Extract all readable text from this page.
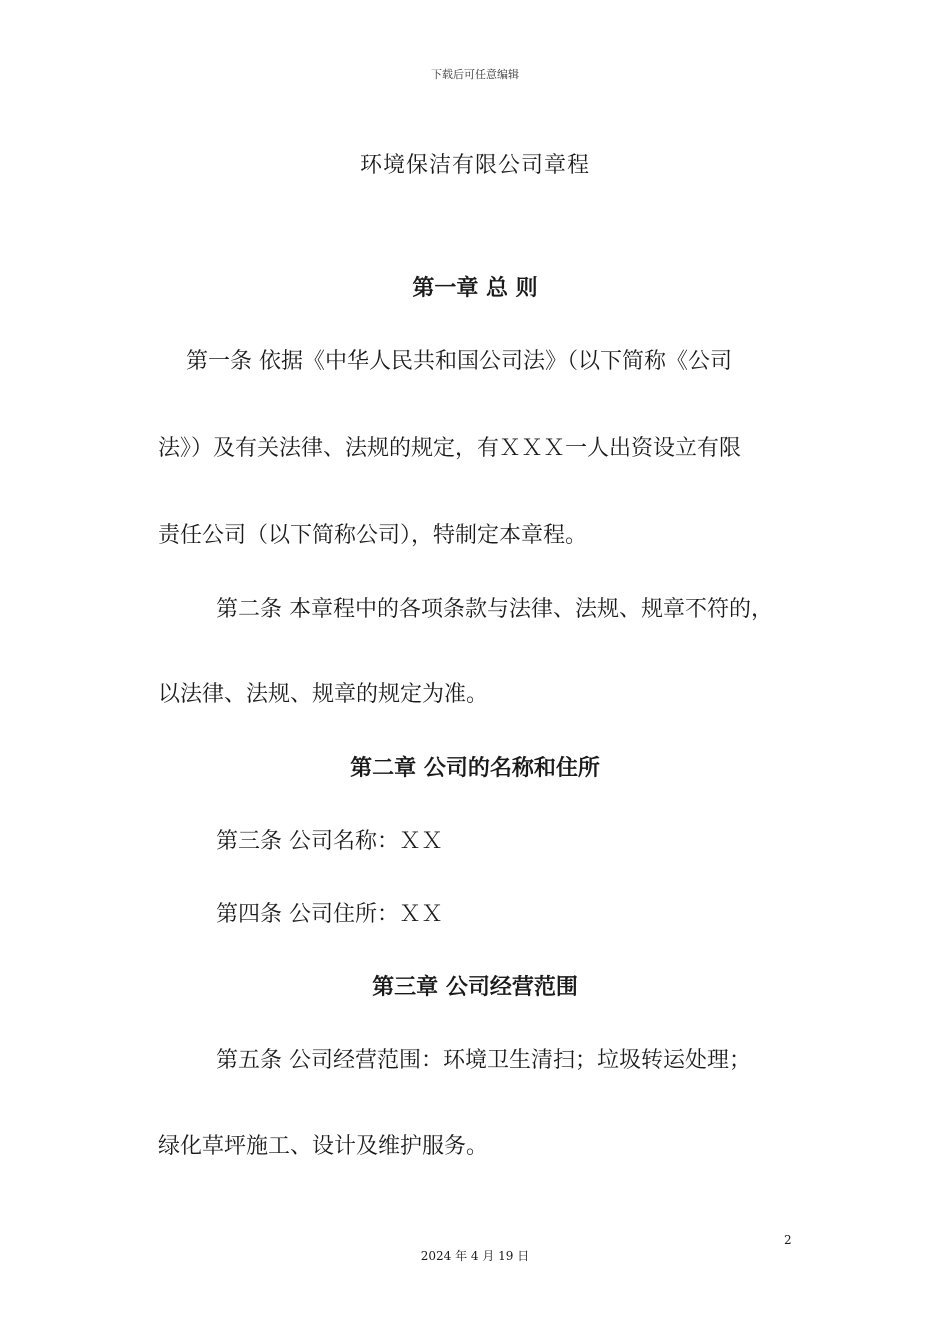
下载后可任意编辑
环境保洁有限公司章程
第一章 总 则
第一条 依据《中华人民共和国公司法》（以下简称《公司
法》）及有关法律、法规的规定，有ＸＸＸ一人出资设立有限
责任公司（以下简称公司），特制定本章程。
第二条 本章程中的各项条款与法律、法规、规章不符的，
以法律、法规、规章的规定为准。
第二章 公司的名称和住所
第三条 公司名称：ＸＸ
第四条 公司住所：ＸＸ
第三章 公司经营范围
第五条 公司经营范围：环境卫生清扫；垃圾转运处理；
绿化草坪施工、设计及维护服务。
2
2024 年 4 月 19 日
